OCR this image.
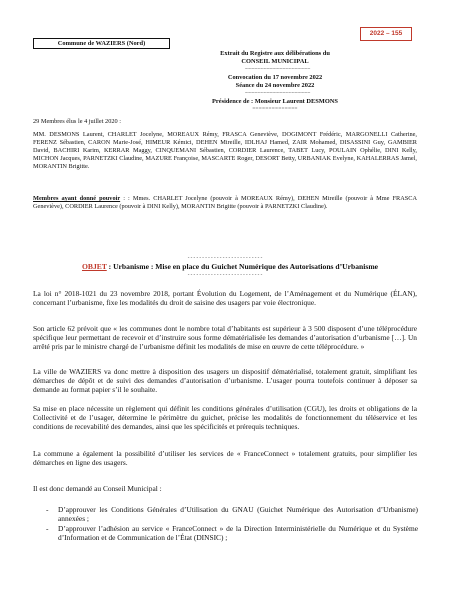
2022 – 155
Commune de WAZIERS (Nord)
Extrait du Registre aux délibérations du
CONSEIL MUNICIPAL
~~~~~~~~~~~~~~~~~~~~~
Convocation du 17 novembre 2022
Séance du 24 novembre 2022
~~~~~~~~~~~~~~~~~~~~~
Présidence de : Monsieur Laurent DESMONS
==============
29 Membres élus le 4 juillet 2020 :
MM. DESMONS Laurent, CHARLET Jocelyne, MOREAUX Rémy, FRASCA Geneviève, DOGIMONT Frédéric, MARGONELLI Catherine, FERENZ Sébastien, CARON Marie-José, HIMEUR Kémici, DEHEN Mireille, IDLHAJ Hamed, ZAIR Mohamed, DISASSINI Guy, GAMBIER David, BACHIRI Karim, KERRAR Maggy, CINQUEMANI Sébastien, CORDIER Laurence, TABET Lucy, POULAIN Ophélie, DINI Kelly, MICHON Jacques, PARNETZKI Claudine, MAZURE Françoise, MASCARTE Roger, DESORT Betty, URBANIAK Evelyne, KAHALERRAS Jamel, MORANTIN Brigitte.
Membres ayant donné pouvoir : : Mmes. CHARLET Jocelyne (pouvoir à MOREAUX Rémy), DEHEN Mireille (pouvoir à Mme FRASCA Geneviève), CORDIER Laurence (pouvoir à DINI Kelly), MORANTIN Brigitte (pouvoir à PARNETZKI Claudine).
- - - - - - - - - - - - - - - - - - - - - - - - - -
OBJET : Urbanisme : Mise en place du Guichet Numérique des Autorisations d’Urbanisme
- - - - - - - - - - - - - - - - - - - - - - - - - -
La loi n° 2018-1021 du 23 novembre 2018, portant Évolution du Logement, de l’Aménagement et du Numérique (ÉLAN), concernant l’urbanisme, fixe les modalités du droit de saisine des usagers par voie électronique.
Son article 62 prévoit que « les communes dont le nombre total d’habitants est supérieur à 3 500 disposent d’une téléprocédure spécifique leur permettant de recevoir et d’instruire sous forme dématérialisée les demandes d’autorisation d’urbanisme […]. Un arrêté pris par le ministre chargé de l’urbanisme définit les modalités de mise en œuvre de cette téléprocédure. »
La ville de WAZIERS va donc mettre à disposition des usagers un dispositif dématérialisé, totalement gratuit, simplifiant les démarches de dépôt et de suivi des demandes d’autorisation d’urbanisme. L’usager pourra toutefois continuer à déposer sa demande au format papier s’il le souhaite.
Sa mise en place nécessite un règlement qui définit les conditions générales d’utilisation (CGU), les droits et obligations de la Collectivité et de l’usager, détermine le périmètre du guichet, précise les modalités de fonctionnement du téléservice et les conditions de recevabilité des demandes, ainsi que les spécificités et prérequis techniques.
La commune a également la possibilité d’utiliser les services de « FranceConnect » totalement gratuits, pour simplifier les démarches en ligne des usagers.
Il est donc demandé au Conseil Municipal :
- D’approuver les Conditions Générales d’Utilisation du GNAU (Guichet Numérique des Autorisation d’Urbanisme) annexées ;
- D’approuver l’adhésion au service « FranceConnect » de la Direction Interministérielle du Numérique et du Système d’Information et de Communication de l’État (DINSIC) ;
